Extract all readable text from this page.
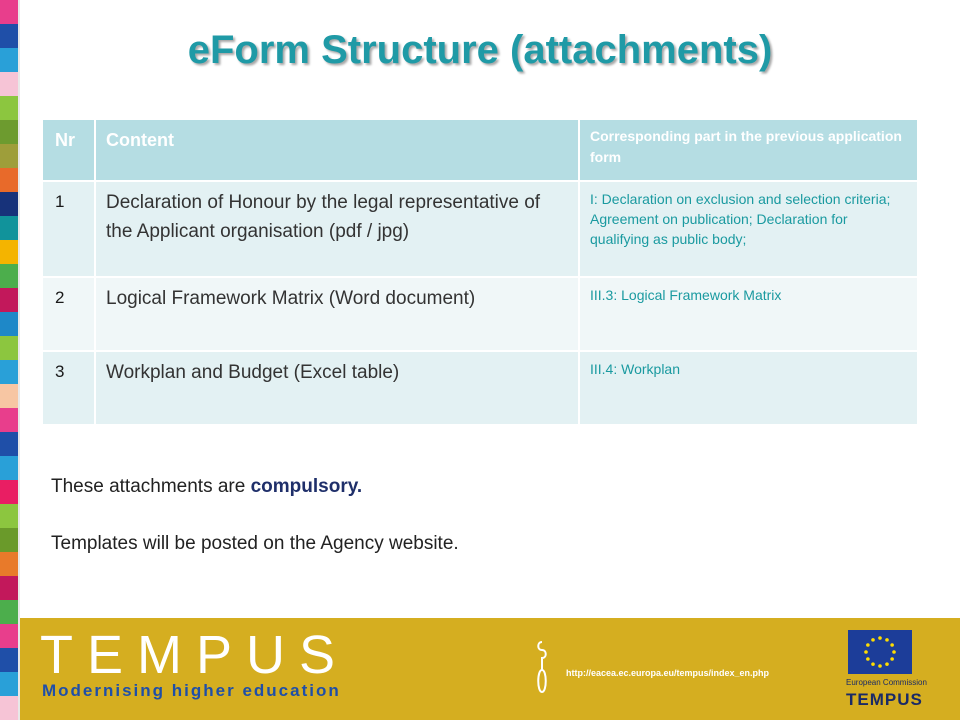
eForm Structure (attachments)
Nr	Content	Corresponding part in the previous application form
1	Declaration of Honour by the legal representative of the Applicant organisation (pdf / jpg)	I: Declaration on exclusion and selection criteria; Agreement on publication; Declaration for qualifying as public body;
2	Logical Framework Matrix (Word document)	III.3: Logical Framework Matrix
3	Workplan and Budget (Excel table)	III.4: Workplan
These attachments are compulsory.
Templates will be posted on the Agency website.
TEMPUS
Modernising higher education
http://eacea.ec.europa.eu/tempus/index_en.php
European Commission
TEMPUS
